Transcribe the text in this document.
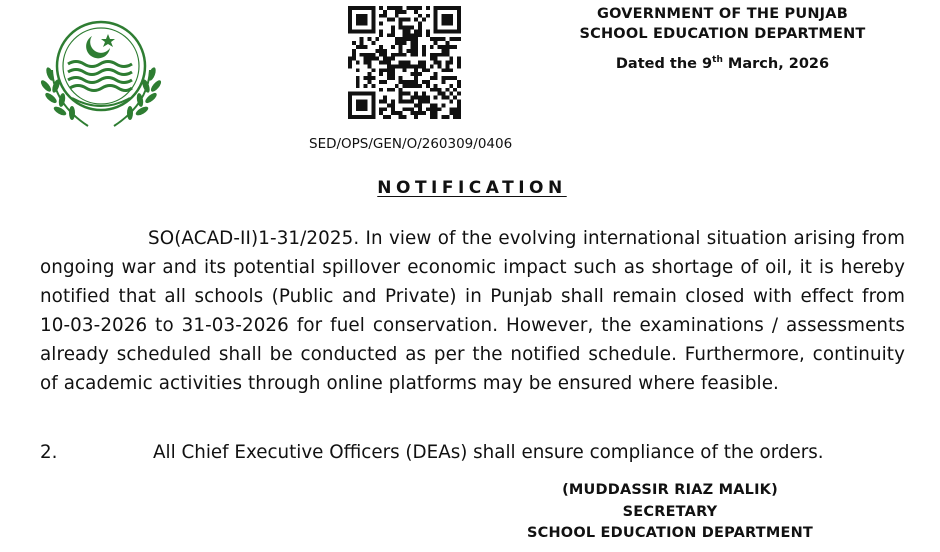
GOVERNMENT OF THE PUNJAB
SCHOOL EDUCATION DEPARTMENT
Dated the 9th March, 2026
SED/OPS/GEN/O/260309/0406
NOTIFICATION

SO(ACAD-II)1-31/2025. In view of the evolving international situation arising from ongoing war and its potential spillover economic impact such as shortage of oil, it is hereby notified that all schools (Public and Private) in Punjab shall remain closed with effect from 10-03-2026 to 31-03-2026 for fuel conservation. However, the examinations / assessments already scheduled shall be conducted as per the notified schedule. Furthermore, continuity of academic activities through online platforms may be ensured where feasible.

2.	All Chief Executive Officers (DEAs) shall ensure compliance of the orders.
(MUDDASSIR RIAZ MALIK)
SECRETARY
SCHOOL EDUCATION DEPARTMENT
